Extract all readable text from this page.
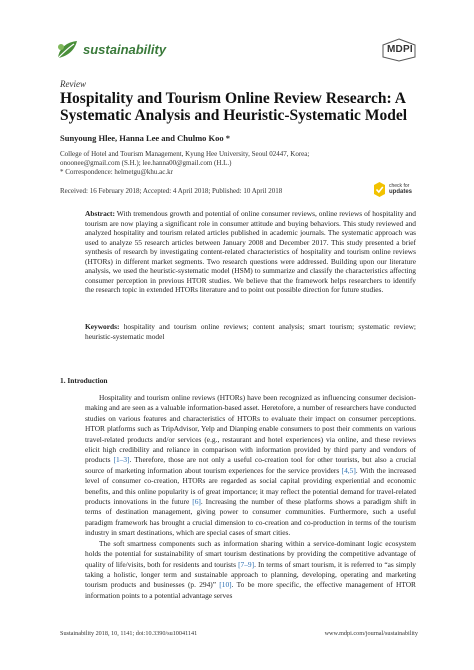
sustainability	MDPI
Review
Hospitality and Tourism Online Review Research: A Systematic Analysis and Heuristic-Systematic Model
Sunyoung Hlee, Hanna Lee and Chulmo Koo *
College of Hotel and Tourism Management, Kyung Hee University, Seoul 02447, Korea;
onoonee@gmail.com (S.H.); lee.hanna00@gmail.com (H.L.)
* Correspondence: helmetgu@khu.ac.kr
Received: 16 February 2018; Accepted: 4 April 2018; Published: 10 April 2018
check for
updates
Abstract: With tremendous growth and potential of online consumer reviews, online reviews of hospitality and tourism are now playing a significant role in consumer attitude and buying behaviors. This study reviewed and analyzed hospitality and tourism related articles published in academic journals. The systematic approach was used to analyze 55 research articles between January 2008 and December 2017. This study presented a brief synthesis of research by investigating content-related characteristics of hospitality and tourism online reviews (HTORs) in different market segments. Two research questions were addressed. Building upon our literature analysis, we used the heuristic-systematic model (HSM) to summarize and classify the characteristics affecting consumer perception in previous HTOR studies. We believe that the framework helps researchers to identify the research topic in extended HTORs literature and to point out possible direction for future studies.
Keywords: hospitality and tourism online reviews; content analysis; smart tourism; systematic review; heuristic-systematic model
1. Introduction

Hospitality and tourism online reviews (HTORs) have been recognized as influencing consumer decision-making and are seen as a valuable information-based asset. Heretofore, a number of researchers have conducted studies on various features and characteristics of HTORs to evaluate their impact on consumer perceptions. HTOR platforms such as TripAdvisor, Yelp and Dianping enable consumers to post their comments on various travel-related products and/or services (e.g., restaurant and hotel experiences) via online, and these reviews elicit high credibility and reliance in comparison with information provided by third party and vendors of products [1–3]. Therefore, those are not only a useful co-creation tool for other tourists, but also a crucial source of marketing information about tourism experiences for the service providers [4,5]. With the increased level of consumer co-creation, HTORs are regarded as social capital providing experiential and economic benefits, and this online popularity is of great importance; it may reflect the potential demand for travel-related products innovations in the future [6]. Increasing the number of these platforms shows a paradigm shift in terms of destination management, giving power to consumer communities. Furthermore, such a useful paradigm framework has brought a crucial dimension to co-creation and co-production in terms of the tourism industry in smart destinations, which are special cases of smart cities.

The soft smartness components such as information sharing within a service-dominant logic ecosystem holds the potential for sustainability of smart tourism destinations by providing the competitive advantage of quality of life/visits, both for residents and tourists [7–9]. In terms of smart tourism, it is referred to “as simply taking a holistic, longer term and sustainable approach to planning, developing, operating and marketing tourism products and businesses (p. 294)” [10]. To be more specific, the effective management of HTOR information points to a potential advantage serves

Sustainability 2018, 10, 1141; doi:10.3390/su10041141	www.mdpi.com/journal/sustainability
